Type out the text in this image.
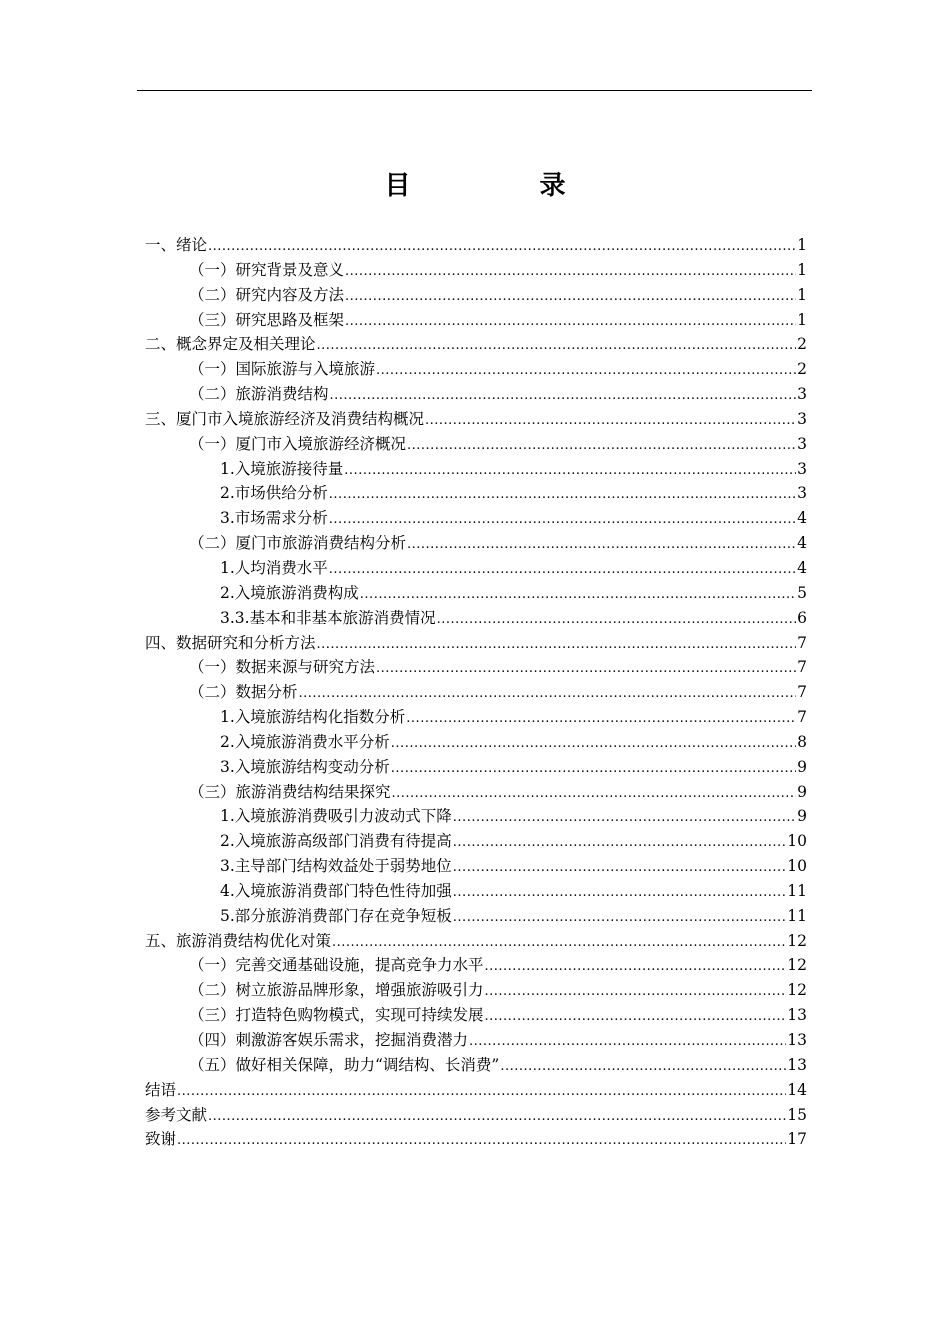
目 录
一、绪论 .....	1
（一）研究背景及意义 .....	1
（二）研究内容及方法 .....	1
（三）研究思路及框架 .....	1
二、概念界定及相关理论 .....	2
（一）国际旅游与入境旅游 .....	2
（二）旅游消费结构 .....	3
三、厦门市入境旅游经济及消费结构概况 .....	3
（一）厦门市入境旅游经济概况 .....	3
1.入境旅游接待量 .....	3
2.市场供给分析 .....	3
3.市场需求分析 .....	4
（二）厦门市旅游消费结构分析 .....	4
1.人均消费水平 .....	4
2.入境旅游消费构成 .....	5
3.3.基本和非基本旅游消费情况 .....	6
四、数据研究和分析方法 .....	7
（一）数据来源与研究方法 .....	7
（二）数据分析 .....	7
1.入境旅游结构化指数分析 .....	7
2.入境旅游消费水平分析 .....	8
3.入境旅游结构变动分析 .....	9
（三）旅游消费结构结果探究 .....	9
1.入境旅游消费吸引力波动式下降 .....	9
2.入境旅游高级部门消费有待提高 .....	10
3.主导部门结构效益处于弱势地位 .....	10
4.入境旅游消费部门特色性待加强 .....	11
5.部分旅游消费部门存在竞争短板 .....	11
五、旅游消费结构优化对策 .....	12
（一）完善交通基础设施，提高竞争力水平 .....	12
（二）树立旅游品牌形象，增强旅游吸引力 .....	12
（三）打造特色购物模式，实现可持续发展 .....	13
（四）刺激游客娱乐需求，挖掘消费潜力 .....	13
（五）做好相关保障，助力“调结构、长消费” .....	13
结语 .....	14
参考文献 .....	15
致谢 .....	17
